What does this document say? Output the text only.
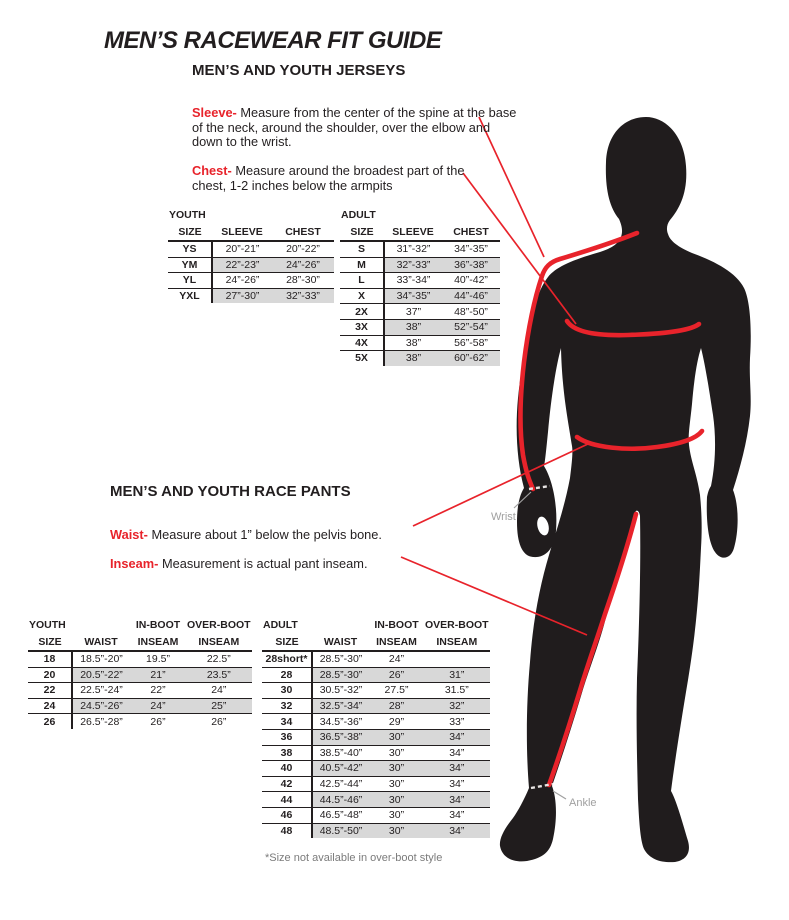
Wrist
Ankle
MEN’S RACEWEAR FIT GUIDE
MEN’S AND YOUTH JERSEYS

Sleeve- Measure from the center of the spine at the base of the neck, around the shoulder, over the elbow and down to the wrist.

Chest- Measure around the broadest part of the chest, 1-2 inches below the armpits

YOUTH		
SIZE	SLEEVE	CHEST
YS	20”-21”	20”-22”
YM	22”-23”	24”-26”
YL	24”-26”	28”-30”
YXL	27”-30”	32”-33”
ADULT		
SIZE	SLEEVE	CHEST
S	31”-32”	34”-35”
M	32”-33”	36”-38”
L	33”-34”	40”-42”
X	34”-35”	44”-46”
2X	37”	48”-50”
3X	38”	52”-54”
4X	38”	56”-58”
5X	38”	60”-62”
MEN’S AND YOUTH RACE PANTS

Waist- Measure about 1” below the pelvis bone.

Inseam- Measurement is actual pant inseam.

YOUTH		IN-BOOT	OVER-BOOT
SIZE	WAIST	INSEAM	INSEAM
18	18.5”-20”	19.5”	22.5”
20	20.5”-22”	21”	23.5”
22	22.5”-24”	22”	24”
24	24.5”-26”	24”	25”
26	26.5”-28”	26”	26”
ADULT		IN-BOOT	OVER-BOOT
SIZE	WAIST	INSEAM	INSEAM
28short*	28.5”-30”	24”	
28	28.5”-30”	26”	31”
30	30.5”-32”	27.5”	31.5”
32	32.5”-34”	28”	32”
34	34.5”-36”	29”	33”
36	36.5”-38”	30”	34”
38	38.5”-40”	30”	34”
40	40.5”-42”	30”	34”
42	42.5”-44”	30”	34”
44	44.5”-46”	30”	34”
46	46.5”-48”	30”	34”
48	48.5”-50”	30”	34”
*Size not available in over-boot style
